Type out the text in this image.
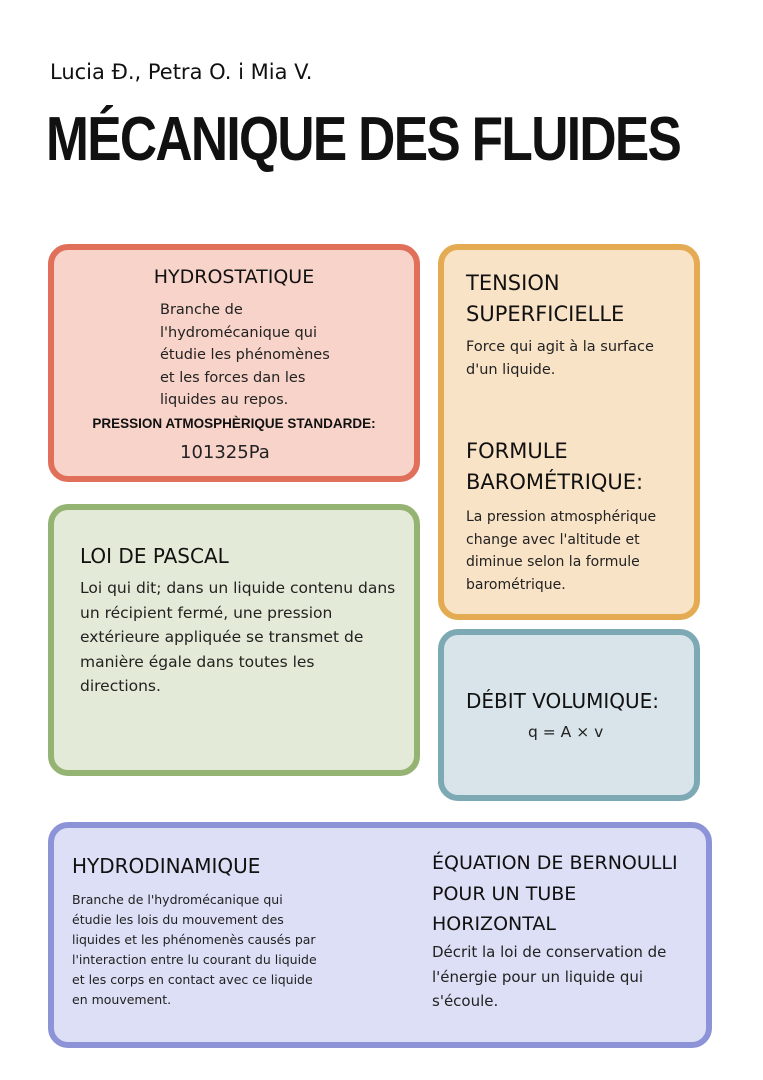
Lucia Đ., Petra O. i Mia V.
MÉCANIQUE DES FLUIDES
HYDROSTATIQUE
Branche de l'hydromécanique qui étudie les phénomènes et les forces dan les liquides au repos.
PRESSION ATMOSPHÈRIQUE STANDARDE:
101325Pa
TENSION SUPERFICIELLE
Force qui agit à la surface d'un liquide.
FORMULE BAROMÉTRIQUE:
La pression atmosphérique change avec l'altitude et diminue selon la formule barométrique.
LOI DE PASCAL
Loi qui dit; dans un liquide contenu dans un récipient fermé, une pression extérieure appliquée se transmet de manière égale dans toutes les directions.
DÉBIT VOLUMIQUE:
q = A × v
HYDRODINAMIQUE
Branche de l'hydromécanique qui étudie les lois du mouvement des liquides et les phénomenès causés par l'interaction entre lu courant du liquide et les corps en contact avec ce liquide en mouvement.
ÉQUATION DE BERNOULLI POUR UN TUBE HORIZONTAL
Décrit la loi de conservation de l'énergie pour un liquide qui s'écoule.
